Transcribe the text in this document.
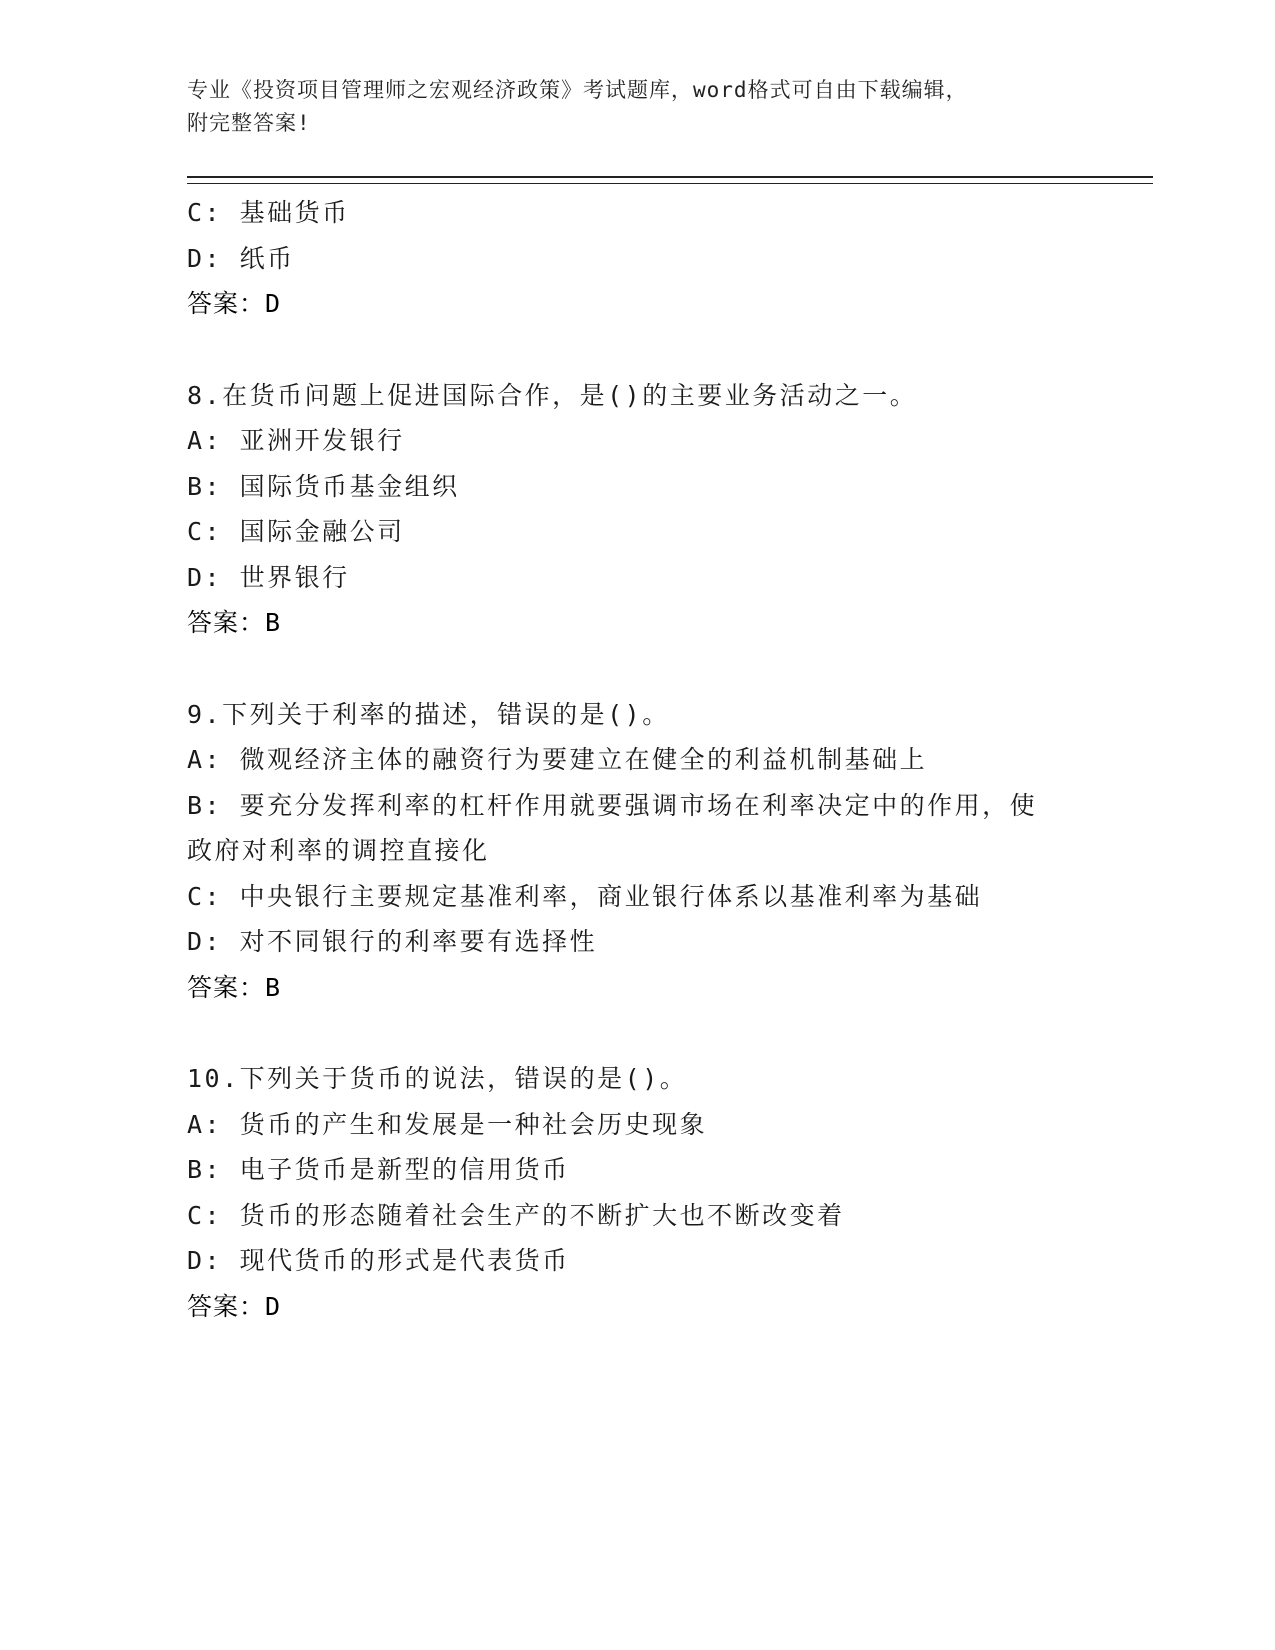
专业《投资项目管理师之宏观经济政策》考试题库，word格式可自由下载编辑，
附完整答案!
C: 基础货币
D: 纸币
答案：D
8.在货币问题上促进国际合作，是()的主要业务活动之一。
A: 亚洲开发银行
B: 国际货币基金组织
C: 国际金融公司
D: 世界银行
答案：B
9.下列关于利率的描述，错误的是()。
A: 微观经济主体的融资行为要建立在健全的利益机制基础上
B: 要充分发挥利率的杠杆作用就要强调市场在利率决定中的作用，使
政府对利率的调控直接化
C: 中央银行主要规定基准利率，商业银行体系以基准利率为基础
D: 对不同银行的利率要有选择性
答案：B
10.下列关于货币的说法，错误的是()。
A: 货币的产生和发展是一种社会历史现象
B: 电子货币是新型的信用货币
C: 货币的形态随着社会生产的不断扩大也不断改变着
D: 现代货币的形式是代表货币
答案：D
